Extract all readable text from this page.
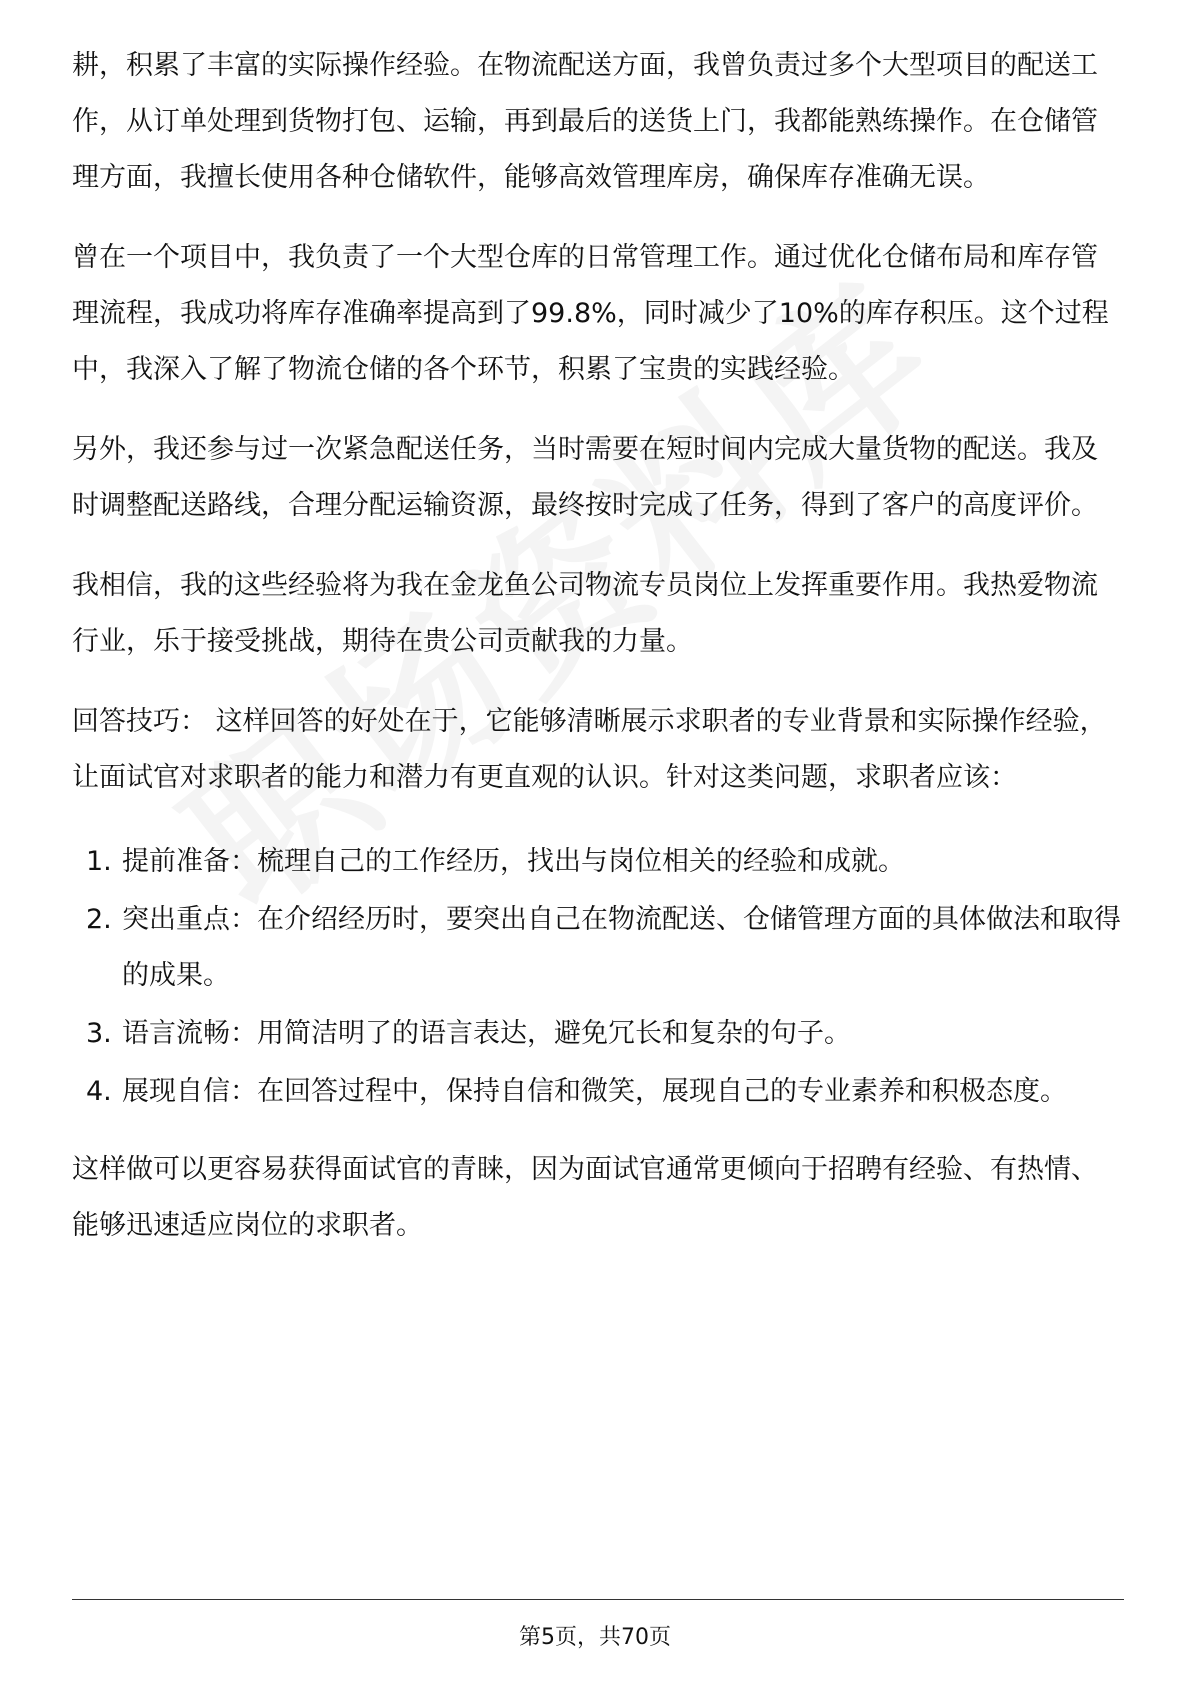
耕，积累了丰富的实际操作经验。在物流配送方面，我曾负责过多个大型项目的配送工作，从订单处理到货物打包、运输，再到最后的送货上门，我都能熟练操作。在仓储管理方面，我擅长使用各种仓储软件，能够高效管理库房，确保库存准确无误。

曾在一个项目中，我负责了一个大型仓库的日常管理工作。通过优化仓储布局和库存管理流程，我成功将库存准确率提高到了99.8%，同时减少了10%的库存积压。这个过程中，我深入了解了物流仓储的各个环节，积累了宝贵的实践经验。

另外，我还参与过一次紧急配送任务，当时需要在短时间内完成大量货物的配送。我及时调整配送路线，合理分配运输资源，最终按时完成了任务，得到了客户的高度评价。

我相信，我的这些经验将为我在金龙鱼公司物流专员岗位上发挥重要作用。我热爱物流行业，乐于接受挑战，期待在贵公司贡献我的力量。

回答技巧： 这样回答的好处在于，它能够清晰展示求职者的专业背景和实际操作经验，让面试官对求职者的能力和潜力有更直观的认识。针对这类问题，求职者应该：

1. 提前准备：梳理自己的工作经历，找出与岗位相关的经验和成就。
2. 突出重点：在介绍经历时，要突出自己在物流配送、仓储管理方面的具体做法和取得的成果。
3. 语言流畅：用简洁明了的语言表达，避免冗长和复杂的句子。
4. 展现自信：在回答过程中，保持自信和微笑，展现自己的专业素养和积极态度。

这样做可以更容易获得面试官的青睐，因为面试官通常更倾向于招聘有经验、有热情、能够迅速适应岗位的求职者。

第5页，共70页
